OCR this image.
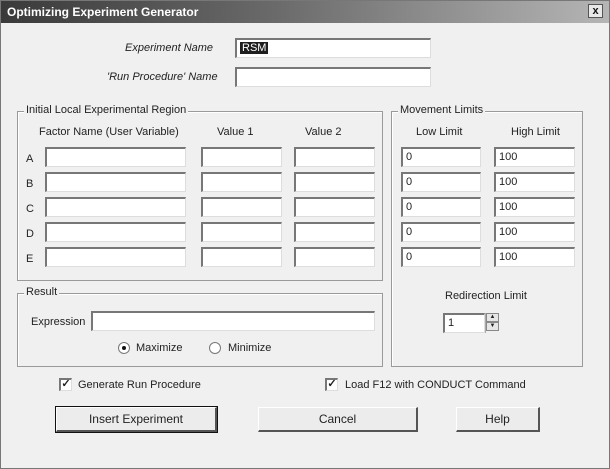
Optimizing Experiment Generator	x
Experiment Name	RSM
'Run Procedure' Name
Initial Local Experimental Region
Factor Name (User Variable)	Value 1	Value 2
A
B
C
D
E
Movement Limits
Low Limit	High Limit
0	100
0	100
0	100
0	100
0	100
Redirection Limit
1	▲
▼
Result
Expression
Maximize	Minimize
✓ Generate Run Procedure	✓ Load F12 with CONDUCT Command
Insert Experiment	Cancel	Help
